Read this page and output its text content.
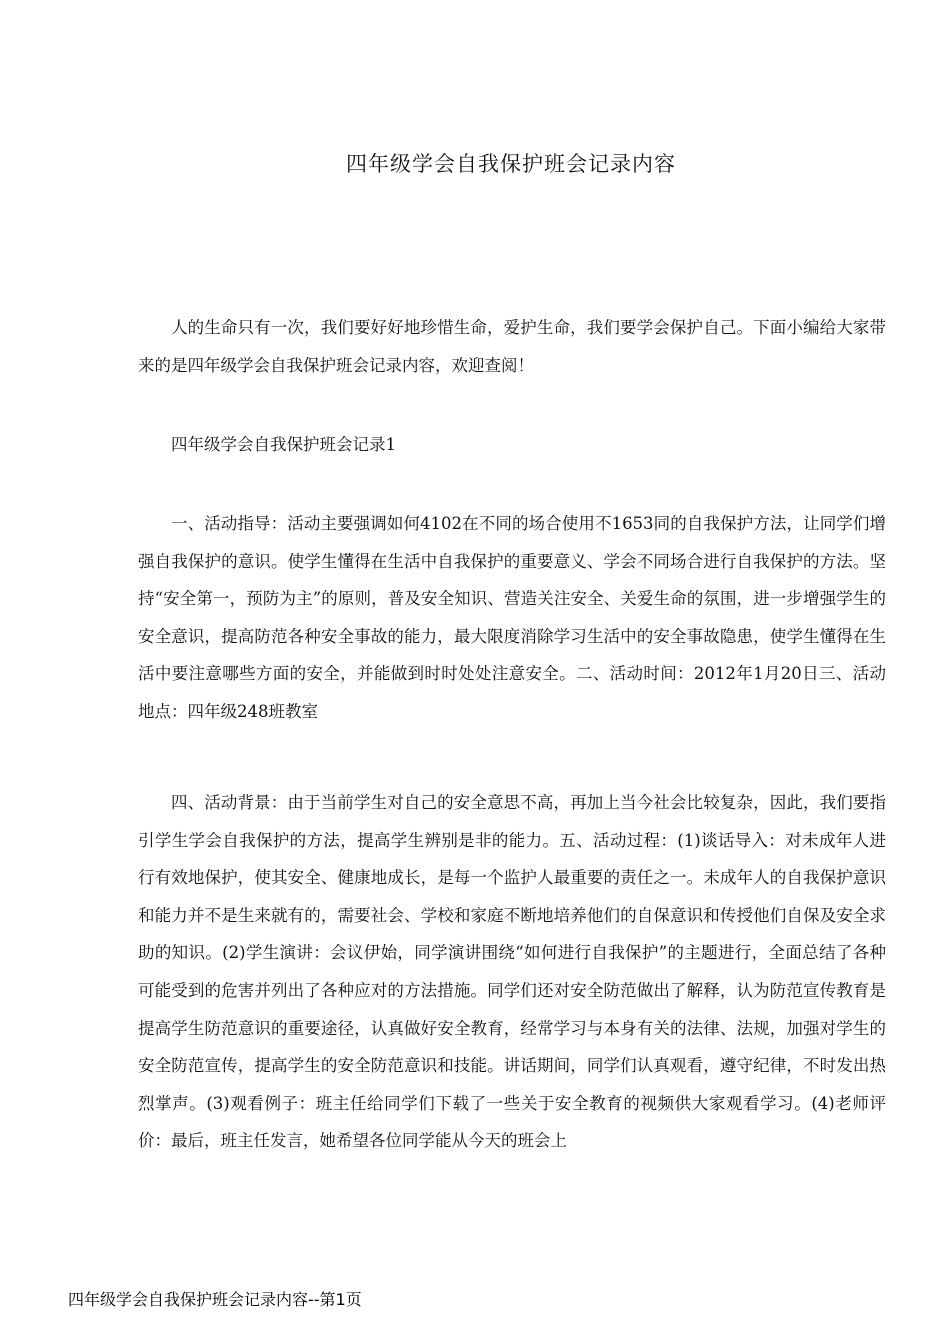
四年级学会自我保护班会记录内容

人的生命只有一次，我们要好好地珍惜生命，爱护生命，我们要学会保护自己。下面小编给大家带来的是四年级学会自我保护班会记录内容，欢迎查阅！

四年级学会自我保护班会记录1

一、活动指导：活动主要强调如何4102在不同的场合使用不1653同的自我保护方法，让同学们增强自我保护的意识。使学生懂得在生活中自我保护的重要意义、学会不同场合进行自我保护的方法。坚持“安全第一，预防为主”的原则，普及安全知识、营造关注安全、关爱生命的氛围，进一步增强学生的安全意识，提高防范各种安全事故的能力，最大限度消除学习生活中的安全事故隐患，使学生懂得在生活中要注意哪些方面的安全，并能做到时时处处注意安全。二、活动时间：2012年1月20日三、活动地点：四年级248班教室

四、活动背景：由于当前学生对自己的安全意思不高，再加上当今社会比较复杂，因此，我们要指引学生学会自我保护的方法，提高学生辨别是非的能力。五、活动过程：(1)谈话导入：对未成年人进行有效地保护，使其安全、健康地成长，是每一个监护人最重要的责任之一。未成年人的自我保护意识和能力并不是生来就有的，需要社会、学校和家庭不断地培养他们的自保意识和传授他们自保及安全求助的知识。(2)学生演讲：会议伊始，同学演讲围绕“如何进行自我保护”的主题进行，全面总结了各种可能受到的危害并列出了各种应对的方法措施。同学们还对安全防范做出了解释，认为防范宣传教育是提高学生防范意识的重要途径，认真做好安全教育，经常学习与本身有关的法律、法规，加强对学生的安全防范宣传，提高学生的安全防范意识和技能。讲话期间，同学们认真观看，遵守纪律，不时发出热烈掌声。(3)观看例子：班主任给同学们下载了一些关于安全教育的视频供大家观看学习。(4)老师评价：最后，班主任发言，她希望各位同学能从今天的班会上

四年级学会自我保护班会记录内容--第1页
